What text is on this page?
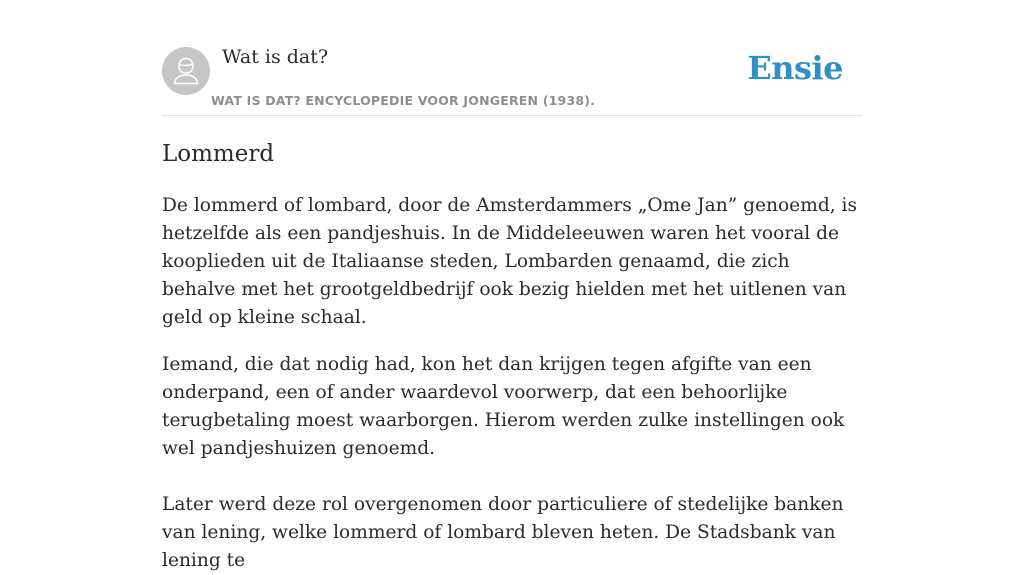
Wat is dat?
WAT IS DAT? ENCYCLOPEDIE VOOR JONGEREN (1938).
Ensie
Lommerd

De lommerd of lombard, door de Amsterdammers „Ome Jan” genoemd, is hetzelfde als een pandjeshuis. In de Middeleeuwen waren het vooral de kooplieden uit de Italiaanse steden, Lombarden genaamd, die zich behalve met het grootgeldbedrijf ook bezig hielden met het uitlenen van geld op kleine schaal.

Iemand, die dat nodig had, kon het dan krijgen tegen afgifte van een onderpand, een of ander waardevol voorwerp, dat een behoorlijke terugbetaling moest waarborgen. Hierom werden zulke instellingen ook wel pandjeshuizen genoemd.

Later werd deze rol overgenomen door particuliere of stedelijke banken van lening, welke lommerd of lombard bleven heten. De Stadsbank van lening te
